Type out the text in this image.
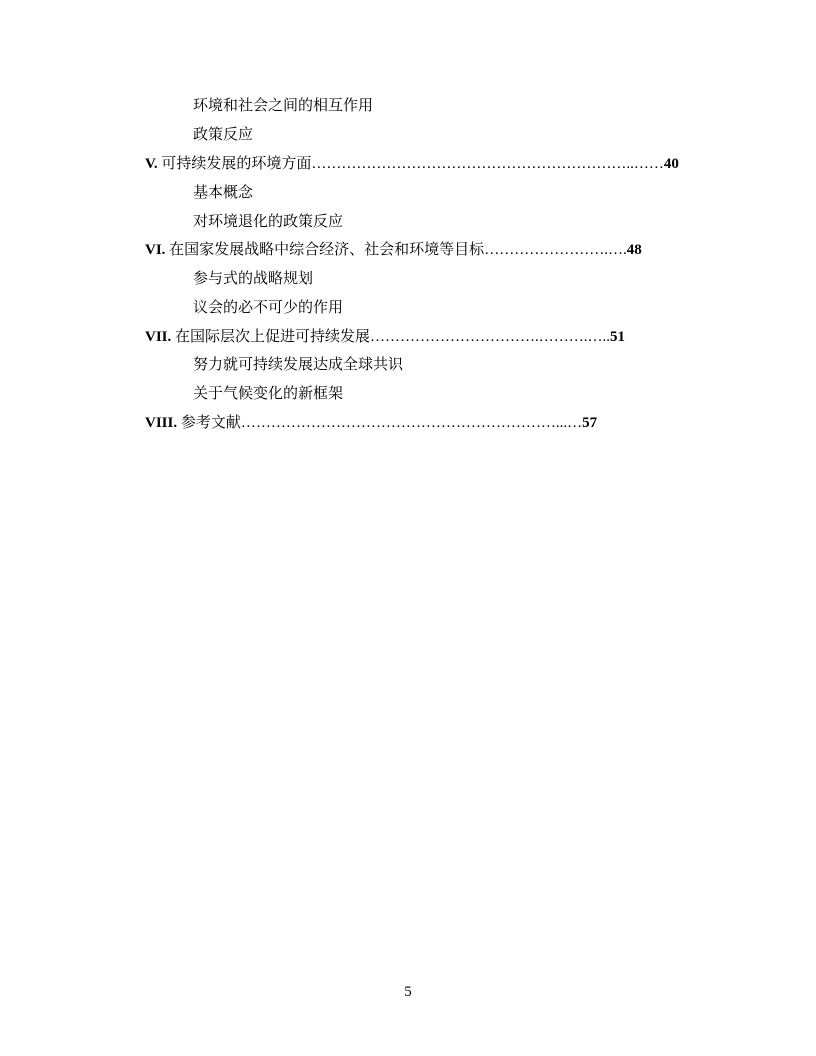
环境和社会之间的相互作用
政策反应
V. 可持续发展的环境方面………………………………………………………..……40
基本概念
对环境退化的政策反应
VI. 在国家发展战略中综合经济、社会和环境等目标…………………….….48
参与式的战略规划
议会的必不可少的作用
VII. 在国际层次上促进可持续发展…………………………….……….…..51
努力就可持续发展达成全球共识
关于气候变化的新框架
VIII. 参考文献………………………………………………………...…57
5
